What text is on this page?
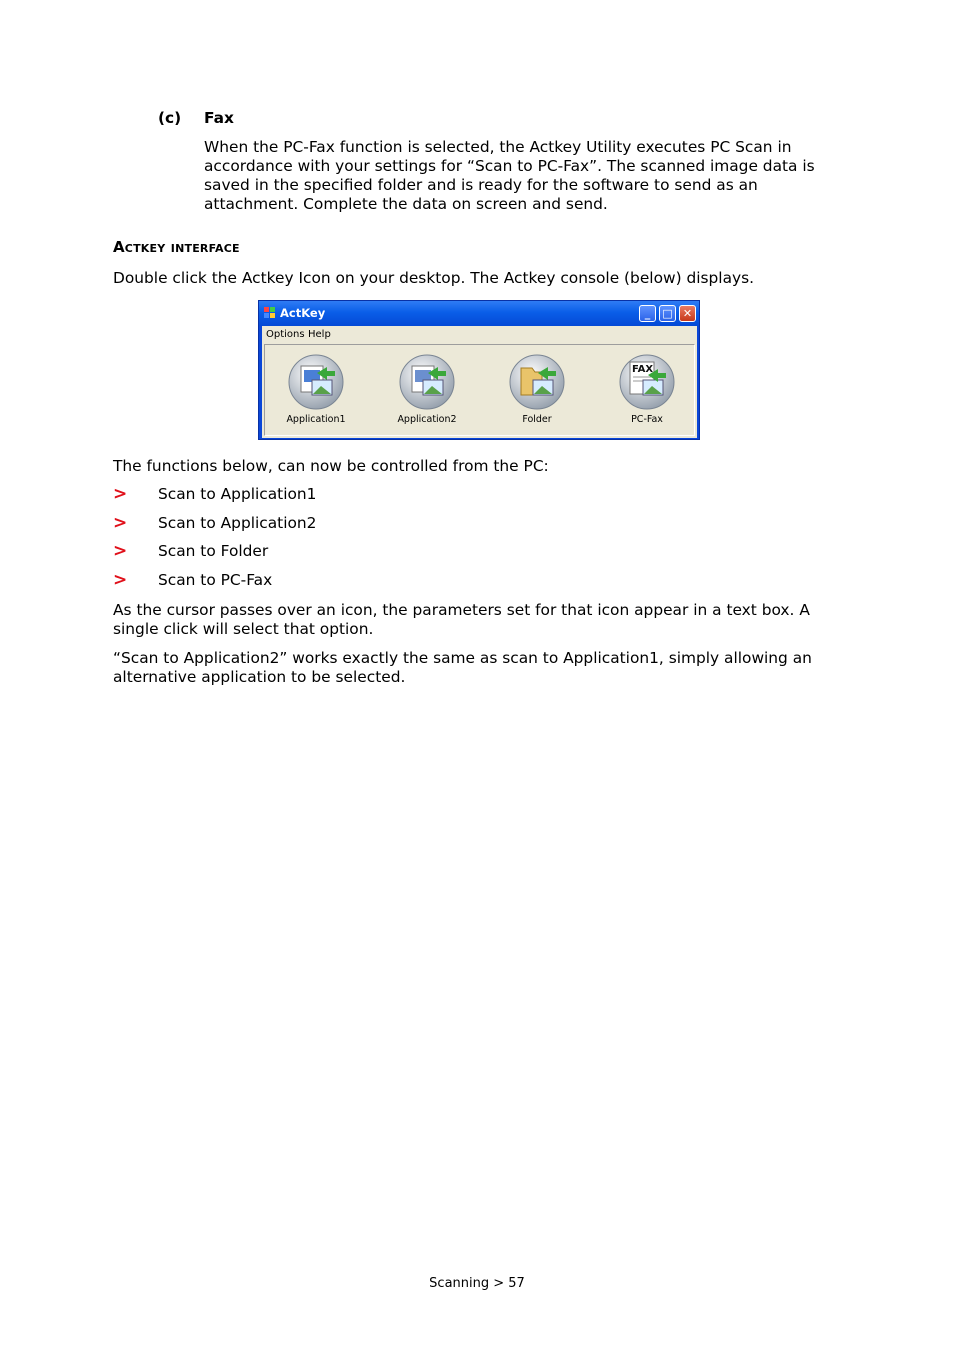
(c) Fax

When the PC-Fax function is selected, the Actkey Utility executes PC Scan in accordance with your settings for “Scan to PC-Fax”. The scanned image data is saved in the specified folder and is ready for the software to send as an attachment. Complete the data on screen and send.

Actkey interface

Double click the Actkey Icon on your desktop. The Actkey console (below) displays.

ActKey	_	□ ✕
Options Help
Application1	Application2	Folder
FAX
PC-Fax

The functions below, can now be controlled from the PC:

> Scan to Application1
> Scan to Application2
> Scan to Folder
> Scan to PC-Fax

As the cursor passes over an icon, the parameters set for that icon appear in a text box. A single click will select that option.

“Scan to Application2” works exactly the same as scan to Application1, simply allowing an alternative application to be selected.

Scanning > 57
